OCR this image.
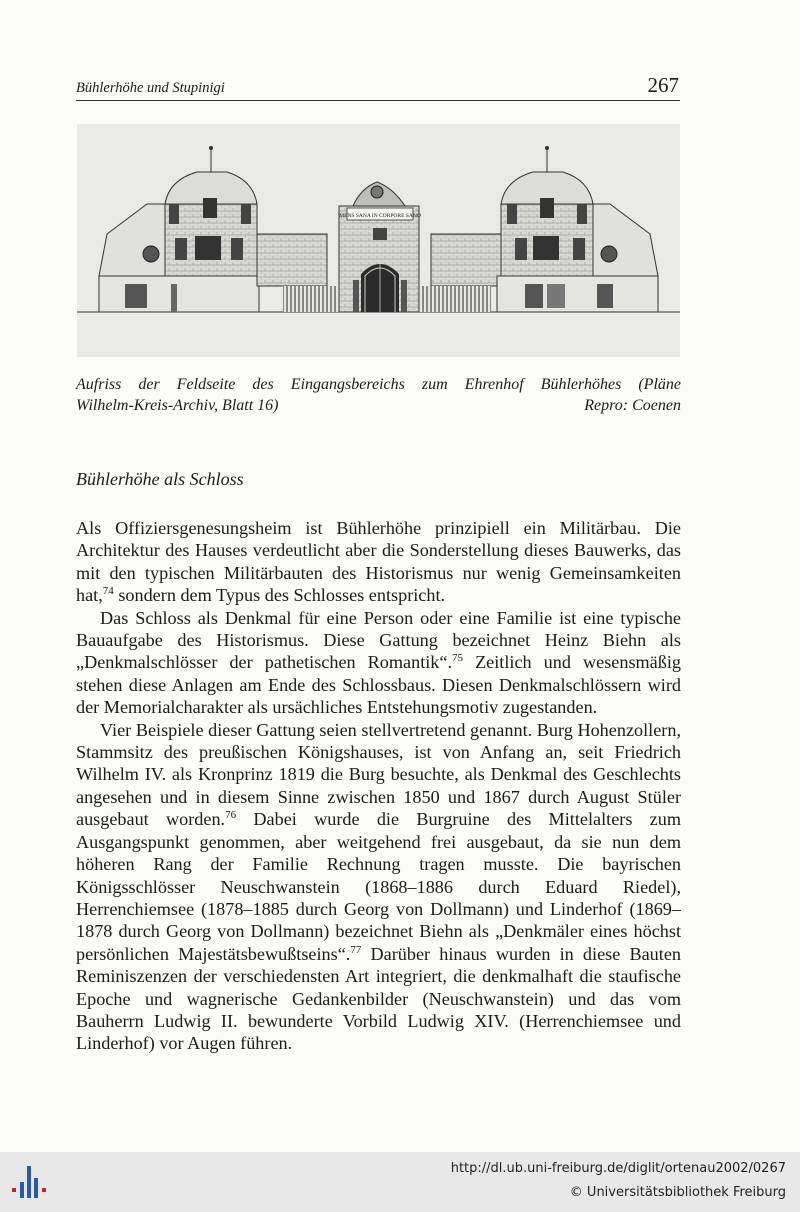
Bühlerhöhe und Stupinigi	267
MENS SANA IN CORPORE SANO
Aufriss der Feldseite des Eingangsbereichs zum Ehrenhof Bühlerhöhes (Pläne
Wilhelm-Kreis-Archiv, Blatt 16)	Repro: Coenen
Bühlerhöhe als Schloss

Als Offiziersgenesungsheim ist Bühlerhöhe prinzipiell ein Militärbau. Die Architektur des Hauses verdeutlicht aber die Sonderstellung dieses Bauwerks, das mit den typischen Militärbauten des Historismus nur wenig Gemeinsamkeiten hat,$^{74}$ sondern dem Typus des Schlosses entspricht.

Das Schloss als Denkmal für eine Person oder eine Familie ist eine typische Bauaufgabe des Historismus. Diese Gattung bezeichnet Heinz Biehn als „Denkmalschlösser der pathetischen Romantik“.$^{75}$ Zeitlich und wesensmäßig stehen diese Anlagen am Ende des Schlossbaus. Diesen Denkmalschlössern wird der Memorialcharakter als ursächliches Entstehungsmotiv zugestanden.

Vier Beispiele dieser Gattung seien stellvertretend genannt. Burg Hohenzollern, Stammsitz des preußischen Königshauses, ist von Anfang an, seit Friedrich Wilhelm IV. als Kronprinz 1819 die Burg besuchte, als Denkmal des Geschlechts angesehen und in diesem Sinne zwischen 1850 und 1867 durch August Stüler ausgebaut worden.$^{76}$ Dabei wurde die Burgruine des Mittelalters zum Ausgangspunkt genommen, aber weitgehend frei ausgebaut, da sie nun dem höheren Rang der Familie Rechnung tragen musste. Die bayrischen Königsschlösser Neuschwanstein (1868–1886 durch Eduard Riedel), Herrenchiemsee (1878–1885 durch Georg von Dollmann) und Linderhof (1869–1878 durch Georg von Dollmann) bezeichnet Biehn als „Denkmäler eines höchst persönlichen Majestätsbewußtseins“.$^{77}$ Darüber hinaus wurden in diese Bauten Reminiszenzen der verschiedensten Art integriert, die denkmalhaft die staufische Epoche und wagnerische Gedankenbilder (Neuschwanstein) und das vom Bauherrn Ludwig II. bewunderte Vorbild Ludwig XIV. (Herrenchiemsee und Linderhof) vor Augen führen.

http://dl.ub.uni-freiburg.de/diglit/ortenau2002/0267
© Universitätsbibliothek Freiburg
